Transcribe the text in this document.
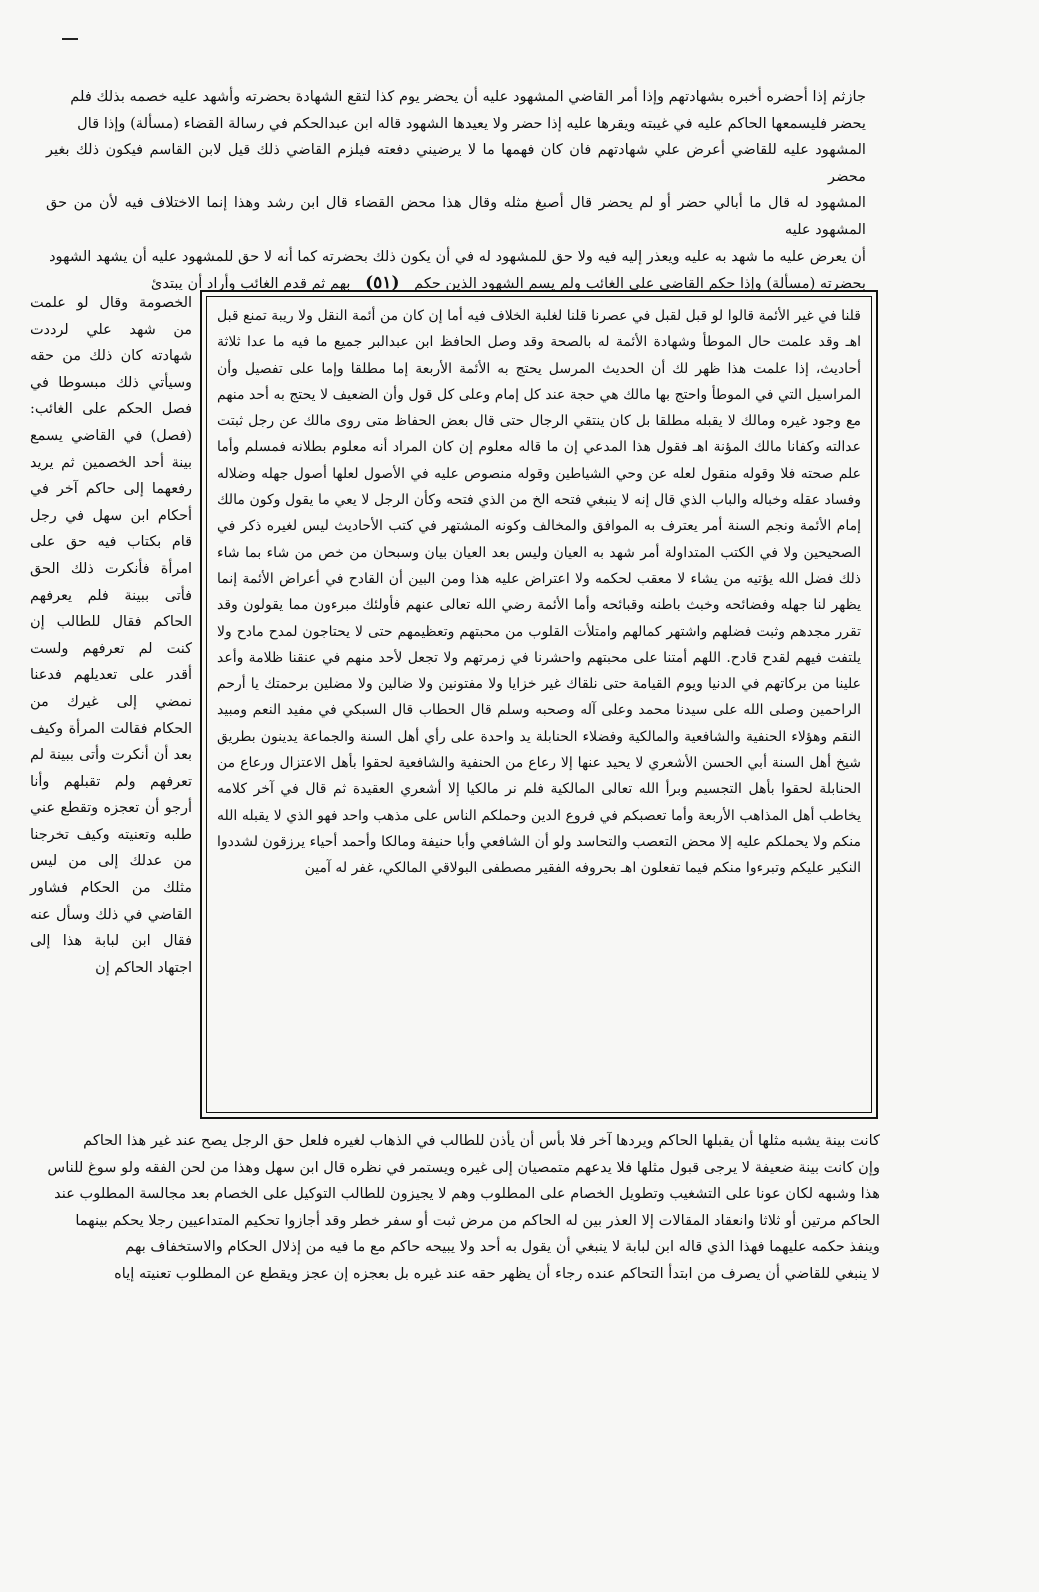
جازثم إذا أحضره أخبره بشهادتهم وإذا أمر القاضي المشهود عليه أن يحضر يوم كذا لتقع الشهادة بحضرته وأشهد عليه خصمه بذلك فلم
يحضر فليسمعها الحاكم عليه في غيبته ويقرها عليه إذا حضر ولا يعيدها الشهود قاله ابن عبدالحكم في رسالة القضاء (مسألة) وإذا قال
المشهود عليه للقاضي أعرض علي شهادتهم فان كان فهمها ما لا يرضيني دفعته فيلزم القاضي ذلك قيل لابن القاسم فيكون ذلك بغير محضر
المشهود له قال ما أبالي حضر أو لم يحضر قال أصبغ مثله وقال هذا محض القضاء قال ابن رشد وهذا إنما الاختلاف فيه لأن من حق المشهود عليه
أن يعرض عليه ما شهد به عليه ويعذر إليه فيه ولا حق للمشهود له في أن يكون ذلك بحضرته كما أنه لا حق للمشهود عليه أن يشهد الشهود
بحضرته (مسألة) وإذا حكم القاضي على الغائب ولم يسم الشهود الذين حكم (٥١) بهم ثم قدم الغائب وأراد أن يبتدئ
الخصومة وقال لو علمت من شهد علي لرددت شهادته كان ذلك من حقه وسيأتي ذلك مبسوطا في فصل الحكم على الغائب: (فصل) في القاضي يسمع بينة أحد الخصمين ثم يريد رفعهما إلى حاكم آخر في أحكام ابن سهل في رجل قام بكتاب فيه حق على امرأة فأنكرت ذلك الحق فأتى ببينة فلم يعرفهم الحاكم فقال للطالب إن كنت لم تعرفهم ولست أقدر على تعديلهم فدعنا نمضي إلى غيرك من الحكام فقالت المرأة وكيف بعد أن أنكرت وأتى ببينة لم تعرفهم ولم تقبلهم وأنا أرجو أن تعجزه وتقطع عني طلبه وتعنيته وكيف تخرجنا من عدلك إلى من ليس مثلك من الحكام فشاور القاضي في ذلك وسأل عنه فقال ابن لبابة هذا إلى اجتهاد الحاكم إن
قلنا في غير الأئمة قالوا لو قبل لقبل في عصرنا قلنا لغلبة الخلاف فيه أما إن كان من أئمة النقل ولا ريبة تمنع قبل اهـ وقد علمت حال الموطأ وشهادة الأئمة له بالصحة وقد وصل الحافظ ابن عبدالبر جميع ما فيه ما عدا ثلاثة أحاديث، إذا علمت هذا ظهر لك أن الحديث المرسل يحتج به الأئمة الأربعة إما مطلقا وإما على تفصيل وأن المراسيل التي في الموطأ واحتج بها مالك هي حجة عند كل إمام وعلى كل قول وأن الضعيف لا يحتج به أحد منهم مع وجود غيره ومالك لا يقبله مطلقا بل كان ينتقي الرجال حتى قال بعض الحفاظ متى روى مالك عن رجل ثبتت عدالته وكفانا مالك المؤنة اهـ فقول هذا المدعي إن ما قاله معلوم إن كان المراد أنه معلوم بطلانه فمسلم وأما علم صحته فلا وقوله منقول لعله عن وحي الشياطين وقوله منصوص عليه في الأصول لعلها أصول جهله وضلاله وفساد عقله وخباله والباب الذي قال إنه لا ينبغي فتحه الخ من الذي فتحه وكأن الرجل لا يعي ما يقول وكون مالك إمام الأئمة ونجم السنة أمر يعترف به الموافق والمخالف وكونه المشتهر في كتب الأحاديث ليس لغيره ذكر في الصحيحين ولا في الكتب المتداولة أمر شهد به العيان وليس بعد العيان بيان وسبحان من خص من شاء بما شاء ذلك فضل الله يؤتيه من يشاء لا معقب لحكمه ولا اعتراض عليه هذا ومن البين أن القادح في أعراض الأئمة إنما يظهر لنا جهله وفضائحه وخبث باطنه وقبائحه وأما الأئمة رضي الله تعالى عنهم فأولئك مبرءون مما يقولون وقد تقرر مجدهم وثبت فضلهم واشتهر كمالهم وامتلأت القلوب من محبتهم وتعظيمهم حتى لا يحتاجون لمدح مادح ولا يلتفت فيهم لقدح قادح. اللهم أمتنا على محبتهم واحشرنا في زمرتهم ولا تجعل لأحد منهم في عنقنا ظلامة وأعد علينا من بركاتهم في الدنيا ويوم القيامة حتى نلقاك غير خزايا ولا مفتونين ولا ضالين ولا مضلين برحمتك يا أرحم الراحمين وصلى الله على سيدنا محمد وعلى آله وصحبه وسلم قال الحطاب قال السبكي في مفيد النعم ومبيد النقم وهؤلاء الحنفية والشافعية والمالكية وفضلاء الحنابلة يد واحدة على رأي أهل السنة والجماعة يدينون بطريق شيخ أهل السنة أبي الحسن الأشعري لا يحيد عنها إلا رعاع من الحنفية والشافعية لحقوا بأهل الاعتزال ورعاع من الحنابلة لحقوا بأهل التجسيم وبرأ الله تعالى المالكية فلم نر مالكيا إلا أشعري العقيدة ثم قال في آخر كلامه يخاطب أهل المذاهب الأربعة وأما تعصبكم في فروع الدين وحملكم الناس على مذهب واحد فهو الذي لا يقبله الله منكم ولا يحملكم عليه إلا محض التعصب والتحاسد ولو أن الشافعي وأبا حنيفة ومالكا وأحمد أحياء يرزقون لشددوا النكير عليكم وتبرءوا منكم فيما تفعلون اهـ بحروفه الفقير مصطفى البولاقي المالكي، غفر له آمين
كانت بينة يشبه مثلها أن يقبلها الحاكم ويردها آخر فلا بأس أن يأذن للطالب في الذهاب لغيره فلعل حق الرجل يصح عند غير هذا الحاكم
وإن كانت بينة ضعيفة لا يرجى قبول مثلها فلا يدعهم متمصيان إلى غيره ويستمر في نظره قال ابن سهل وهذا من لحن الفقه ولو سوغ للناس
هذا وشبهه لكان عونا على التشغيب وتطويل الخصام على المطلوب وهم لا يجيزون للطالب التوكيل على الخصام بعد مجالسة المطلوب عند
الحاكم مرتين أو ثلاثا وانعقاد المقالات إلا العذر بين له الحاكم من مرض ثبت أو سفر خطر وقد أجازوا تحكيم المتداعيين رجلا يحكم بينهما
وينفذ حكمه عليهما فهذا الذي قاله ابن لبابة لا ينبغي أن يقول به أحد ولا يبيحه حاكم مع ما فيه من إذلال الحكام والاستخفاف بهم
لا ينبغي للقاضي أن يصرف من ابتدأ التحاكم عنده رجاء أن يظهر حقه عند غيره بل بعجزه إن عجز ويقطع عن المطلوب تعنيته إياه
